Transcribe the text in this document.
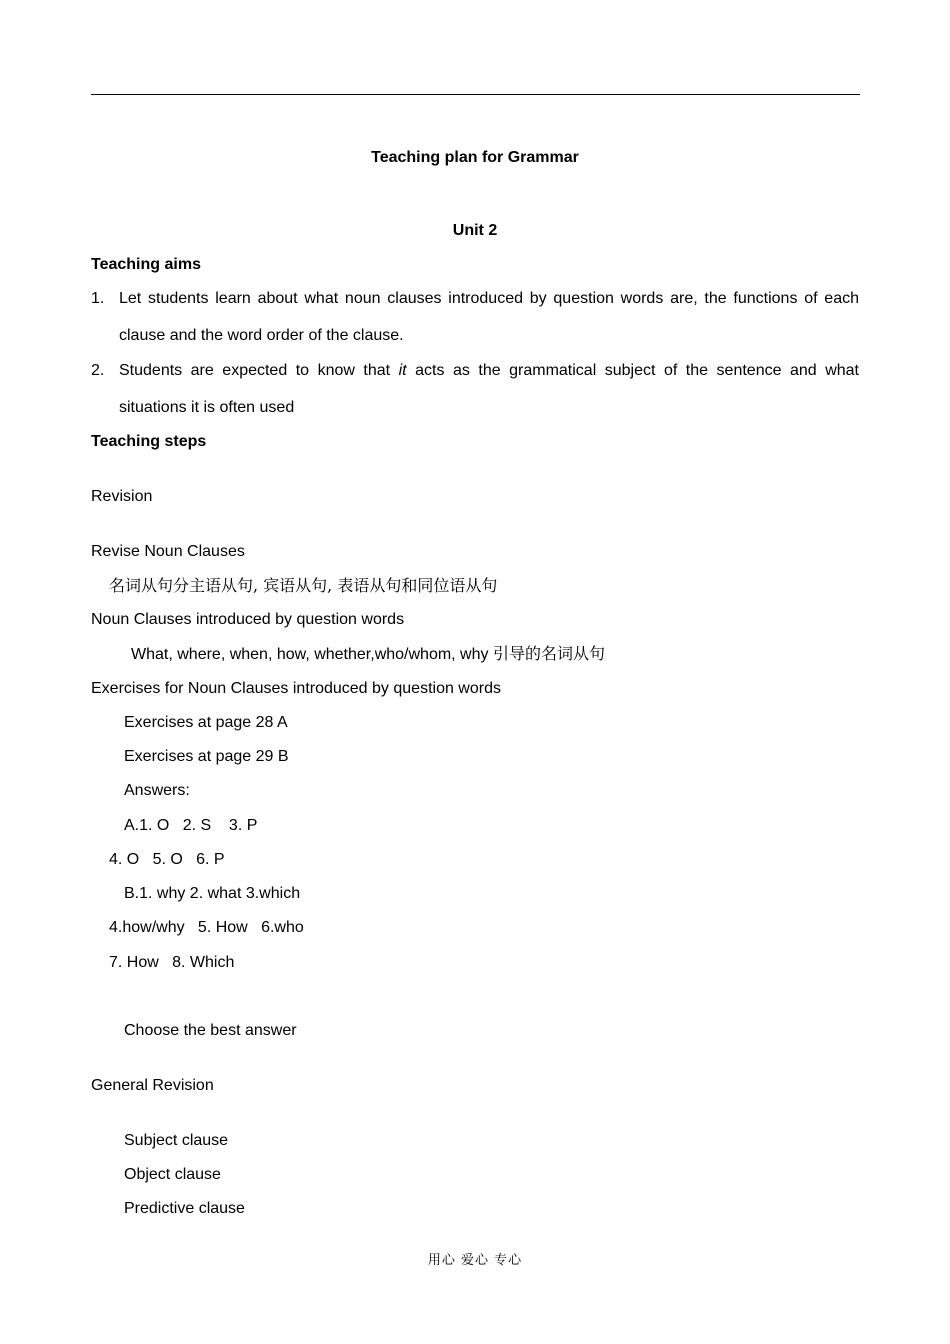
Teaching plan for Grammar
Unit 2
Teaching aims
1. Let students learn about what noun clauses introduced by question words are, the functions of each clause and the word order of the clause.
2. Students are expected to know that it acts as the grammatical subject of the sentence and what situations it is often used
Teaching steps
Revision
Revise Noun Clauses
名词从句分主语从句, 宾语从句, 表语从句和同位语从句
Noun Clauses introduced by question words
What, where, when, how, whether,who/whom, why 引导的名词从句
Exercises for Noun Clauses introduced by question words
Exercises at page 28 A
Exercises at page 29 B
Answers:
A.1. O   2. S    3. P
4. O   5. O   6. P
B.1. why 2. what 3.which
4.how/why   5. How   6.who
7. How   8. Which
Choose the best answer
General Revision
Subject clause
Object clause
Predictive clause
用心 爱心 专心
